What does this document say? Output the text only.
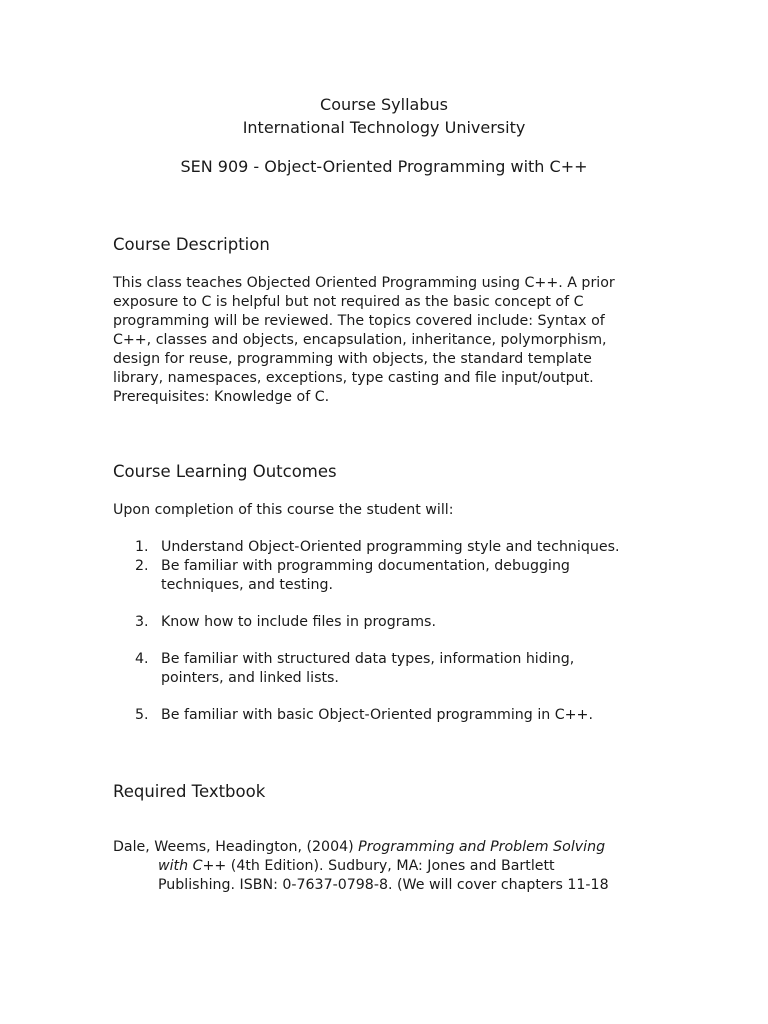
Course Syllabus
International Technology University
SEN 909 - Object-Oriented Programming with C++
Course Description
This class teaches Objected Oriented Programming using C++. A prior
exposure to C is helpful but not required as the basic concept of C
programming will be reviewed. The topics covered include: Syntax of
C++, classes and objects, encapsulation, inheritance, polymorphism,
design for reuse, programming with objects, the standard template
library, namespaces, exceptions, type casting and file input/output.
Prerequisites: Knowledge of C.
Course Learning Outcomes
Upon completion of this course the student will:
1. Understand Object-Oriented programming style and techniques.
2. Be familiar with programming documentation, debugging
techniques, and testing.
3. Know how to include files in programs.
4. Be familiar with structured data types, information hiding,
pointers, and linked lists.
5. Be familiar with basic Object-Oriented programming in C++.
Required Textbook
Dale, Weems, Headington, (2004) Programming and Problem Solving
with C++ (4th Edition). Sudbury, MA: Jones and Bartlett
Publishing. ISBN: 0-7637-0798-8. (We will cover chapters 11-18
